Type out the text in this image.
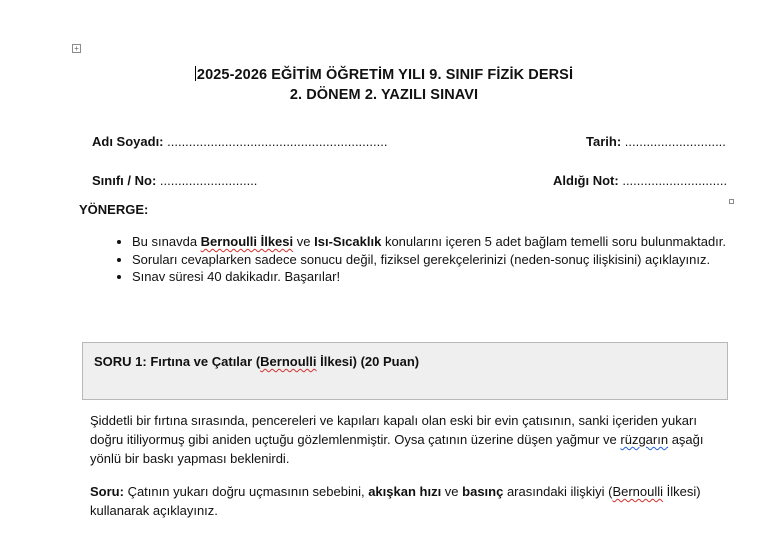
+
2025-2026 EĞİTİM ÖĞRETİM YILI 9. SINIF FİZİK DERSİ
2. DÖNEM 2. YAZILI SINAVI
Adı Soyadı: .............................................................	Tarih: ............................
Sınıfı / No: ...........................	Aldığı Not: .............................
YÖNERGE:
• Bu sınavda Bernoulli İlkesi ve Isı-Sıcaklık konularını içeren 5 adet bağlam temelli soru bulunmaktadır.
• Soruları cevaplarken sadece sonucu değil, fiziksel gerekçelerinizi (neden-sonuç ilişkisini) açıklayınız.
• Sınav süresi 40 dakikadır. Başarılar!
SORU 1: Fırtına ve Çatılar (Bernoulli İlkesi) (20 Puan)
Şiddetli bir fırtına sırasında, pencereleri ve kapıları kapalı olan eski bir evin çatısının, sanki içeriden yukarı doğru itiliyormuş gibi aniden uçtuğu gözlemlenmiştir. Oysa çatının üzerine düşen yağmur ve rüzgarın aşağı yönlü bir baskı yapması beklenirdi.
Soru: Çatının yukarı doğru uçmasının sebebini, akışkan hızı ve basınç arasındaki ilişkiyi (Bernoulli İlkesi) kullanarak açıklayınız.
